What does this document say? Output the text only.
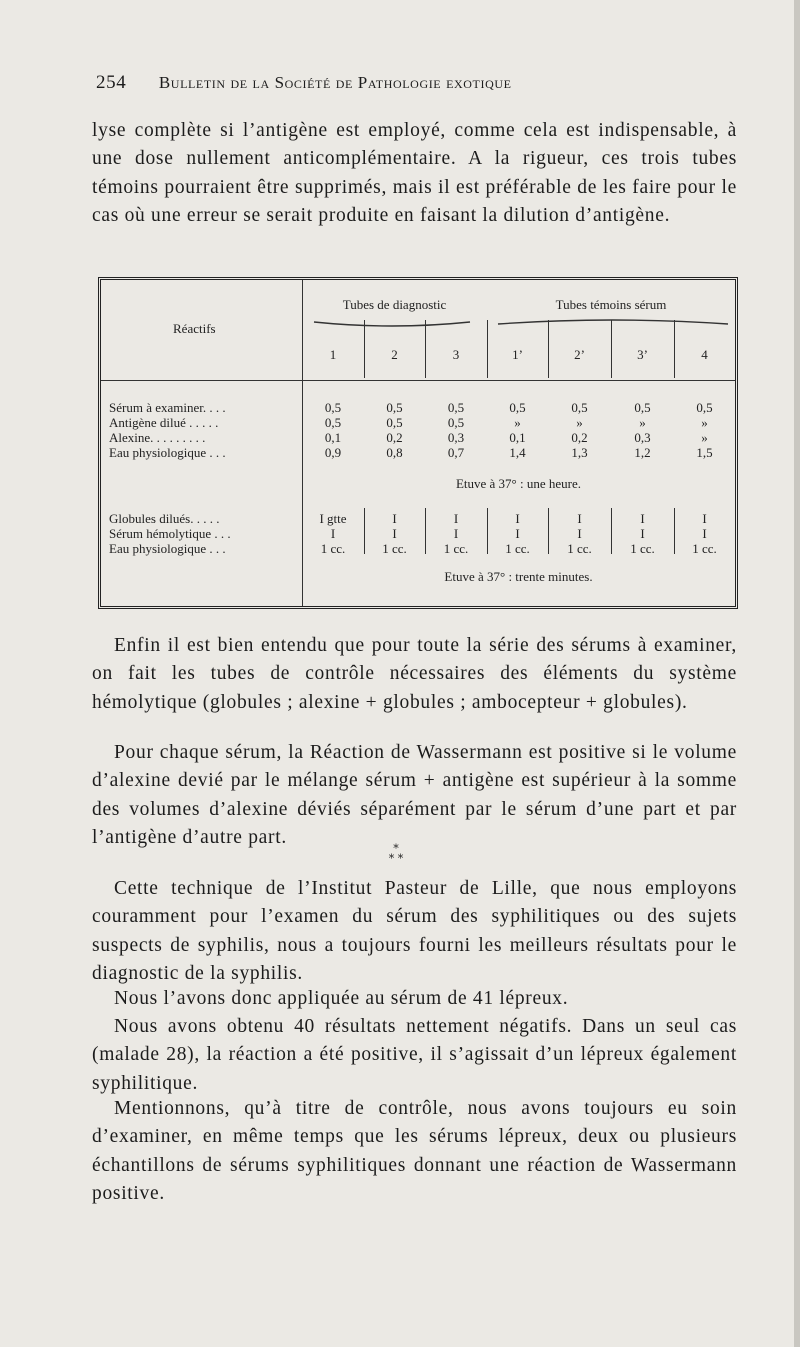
254 Bulletin de la Société de Pathologie exotique

lyse complète si l’antigène est employé, comme cela est indispensable, à une dose nullement anticomplémentaire. A la rigueur, ces trois tubes témoins pourraient être supprimés, mais il est préférable de les faire pour le cas où une erreur se serait produite en faisant la dilution d’antigène.

Réactifs
Tubes de diagnostic	Tubes témoins sérum
1	2	3	1’	2’	3’	4
Sérum à examiner. . . .	0,5	0,5	0,5	0,5	0,5	0,5	0,5
Antigène dilué . . . . .	0,5	0,5	0,5	»	»	»	»
Alexine. . . . . . . . .	0,1	0,2	0,3	0,1	0,2	0,3	»
Eau physiologique . . .	0,9	0,8	0,7	1,4	1,3	1,2	1,5
Etuve à 37° : une heure.
Globules dilués. . . . .	I gtte	I	I	I	I	I	I
Sérum hémolytique . . .	I	I	I	I	I	I	I
Eau physiologique . . .	1 cc.	1 cc.	1 cc.	1 cc.	1 cc.	1 cc.	1 cc.
Etuve à 37° : trente minutes.

Enfin il est bien entendu que pour toute la série des sérums à examiner, on fait les tubes de contrôle nécessaires des éléments du système hémolytique (globules ; alexine + globules ; ambocepteur + globules).

Pour chaque sérum, la Réaction de Wassermann est positive si le volume d’alexine devié par le mélange sérum + antigène est supérieur à la somme des volumes d’alexine déviés séparément par le sérum d’une part et par l’antigène d’autre part.

*
* *

Cette technique de l’Institut Pasteur de Lille, que nous employons couramment pour l’examen du sérum des syphilitiques ou des sujets suspects de syphilis, nous a toujours fourni les meilleurs résultats pour le diagnostic de la syphilis.

Nous l’avons donc appliquée au sérum de 41 lépreux.

Nous avons obtenu 40 résultats nettement négatifs. Dans un seul cas (malade 28), la réaction a été positive, il s’agissait d’un lépreux également syphilitique.

Mentionnons, qu’à titre de contrôle, nous avons toujours eu soin d’examiner, en même temps que les sérums lépreux, deux ou plusieurs échantillons de sérums syphilitiques donnant une réaction de Wassermann positive.
